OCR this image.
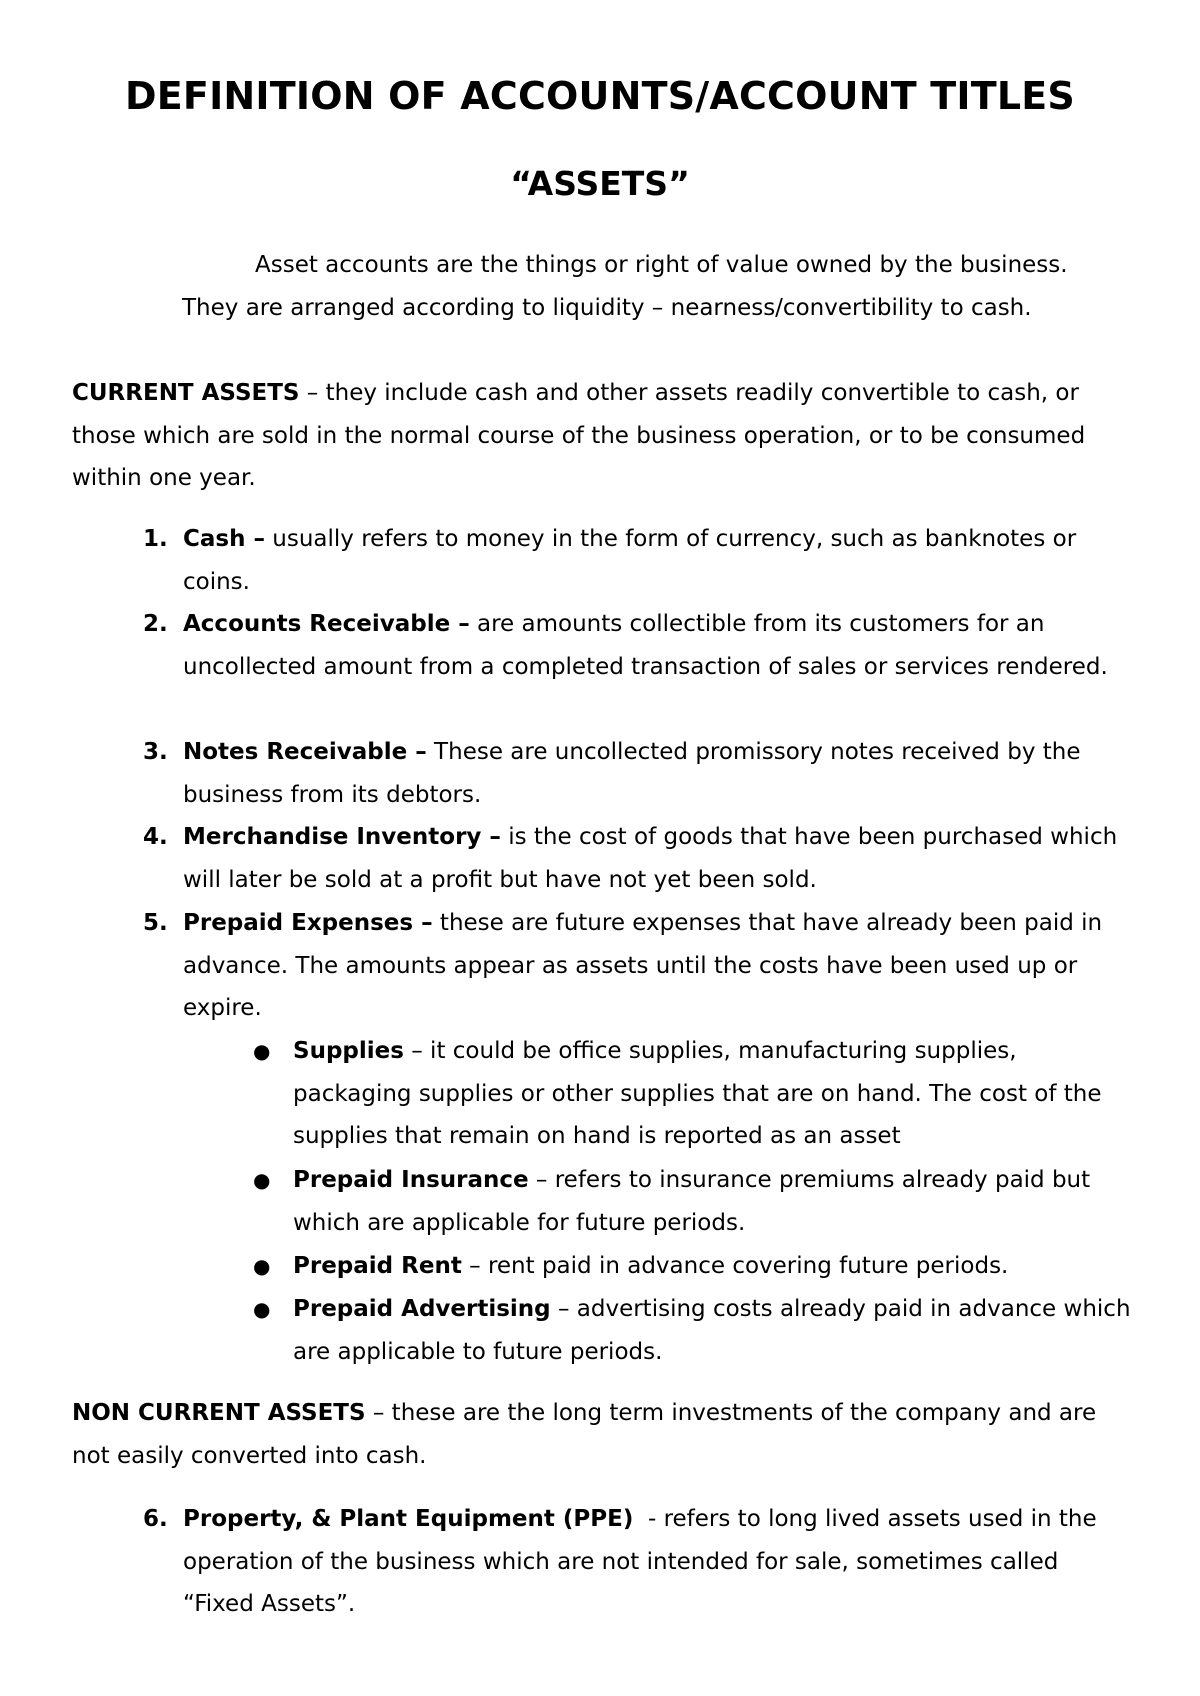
DEFINITION OF ACCOUNTS/ACCOUNT TITLES
“ASSETS”
Asset accounts are the things or right of value owned by the business.
They are arranged according to liquidity – nearness/convertibility to cash.
CURRENT ASSETS – they include cash and other assets readily convertible to cash, or those which are sold in the normal course of the business operation, or to be consumed within one year.
1. Cash – usually refers to money in the form of currency, such as banknotes or coins.
2. Accounts Receivable – are amounts collectible from its customers for an uncollected amount from a completed transaction of sales or services rendered.
3. Notes Receivable – These are uncollected promissory notes received by the business from its debtors.
4. Merchandise Inventory – is the cost of goods that have been purchased which will later be sold at a profit but have not yet been sold.
5. Prepaid Expenses – these are future expenses that have already been paid in advance. The amounts appear as assets until the costs have been used up or expire.
● Supplies – it could be office supplies, manufacturing supplies, packaging supplies or other supplies that are on hand. The cost of the supplies that remain on hand is reported as an asset
● Prepaid Insurance – refers to insurance premiums already paid but which are applicable for future periods.
● Prepaid Rent – rent paid in advance covering future periods.
● Prepaid Advertising – advertising costs already paid in advance which are applicable to future periods.
NON CURRENT ASSETS – these are the long term investments of the company and are not easily converted into cash.
6. Property, & Plant Equipment (PPE)  - refers to long lived assets used in the operation of the business which are not intended for sale, sometimes called “Fixed Assets”.
